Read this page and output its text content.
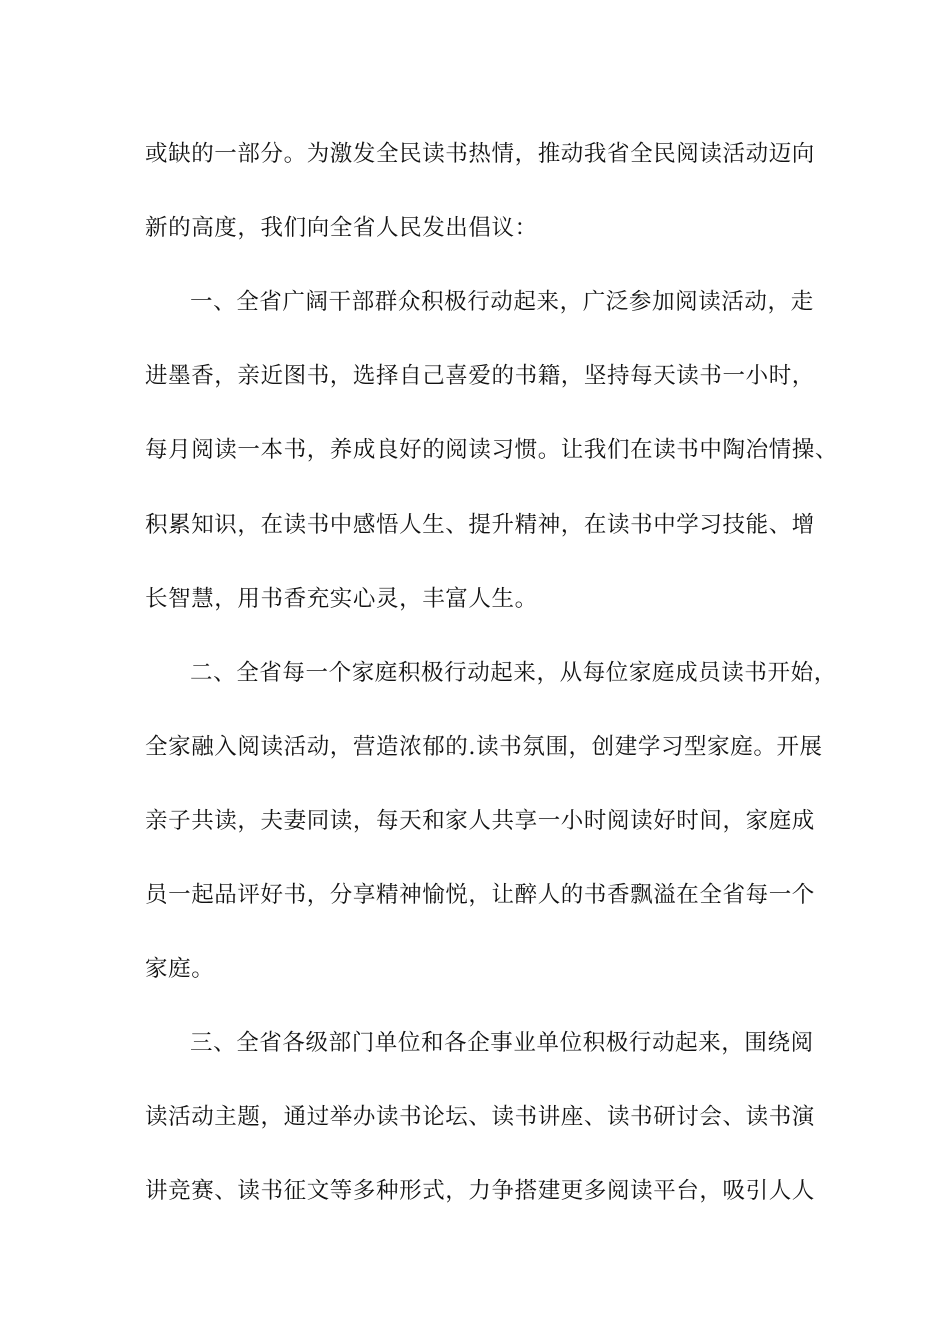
或缺的一部分。为激发全民读书热情，推动我省全民阅读活动迈向
新的高度，我们向全省人民发出倡议：
一、全省广阔干部群众积极行动起来，广泛参加阅读活动，走
进墨香，亲近图书，选择自己喜爱的书籍，坚持每天读书一小时，
每月阅读一本书，养成良好的阅读习惯。让我们在读书中陶冶情操、
积累知识，在读书中感悟人生、提升精神，在读书中学习技能、增
长智慧，用书香充实心灵，丰富人生。
二、全省每一个家庭积极行动起来，从每位家庭成员读书开始，
全家融入阅读活动，营造浓郁的.读书氛围，创建学习型家庭。开展
亲子共读，夫妻同读，每天和家人共享一小时阅读好时间，家庭成
员一起品评好书，分享精神愉悦，让醉人的书香飘溢在全省每一个
家庭。
三、全省各级部门单位和各企事业单位积极行动起来，围绕阅
读活动主题，通过举办读书论坛、读书讲座、读书研讨会、读书演
讲竞赛、读书征文等多种形式，力争搭建更多阅读平台，吸引人人
